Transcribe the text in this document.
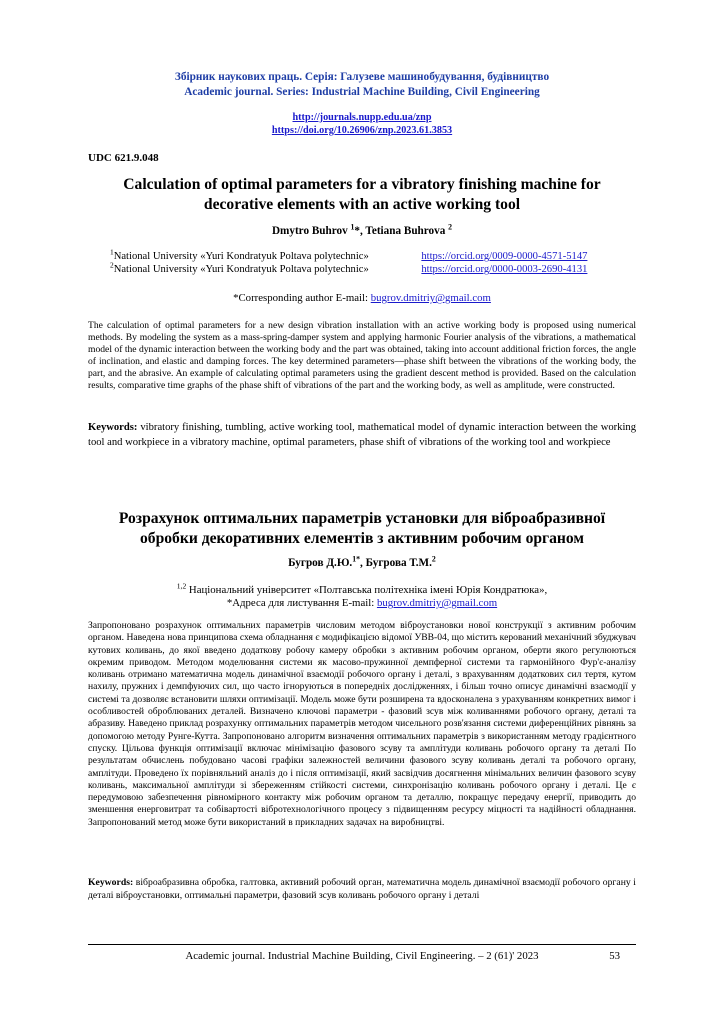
Збірник наукових праць. Серія: Галузеве машинобудування, будівництво
Academic journal. Series: Industrial Machine Building, Civil Engineering
http://journals.nupp.edu.ua/znp
https://doi.org/10.26906/znp.2023.61.3853
UDC 621.9.048
Calculation of optimal parameters for a vibratory finishing machine for
decorative elements with an active working tool
Dmytro Buhrov $^1$*, Tetiana Buhrova $^2$
$^1$National University «Yuri Kondratyuk Poltava polytechnic»	https://orcid.org/0009-0000-4571-5147
$^2$National University «Yuri Kondratyuk Poltava polytechnic»	https://orcid.org/0000-0003-2690-4131
*Corresponding author E-mail: bugrov.dmitriy@gmail.com
The calculation of optimal parameters for a new design vibration installation with an active working body is proposed using numerical methods. By modeling the system as a mass-spring-damper system and applying harmonic Fourier analysis of the vibrations, a mathematical model of the dynamic interaction between the working body and the part was obtained, taking into account additional friction forces, the angle of inclination, and elastic and damping forces. The key determined parameters—phase shift between the vibrations of the working body, the part, and the abrasive. An example of calculating optimal parameters using the gradient descent method is provided. Based on the calculation results, comparative time graphs of the phase shift of vibrations of the part and the working body, as well as amplitude, were constructed.
Keywords: vibratory finishing, tumbling, active working tool, mathematical model of dynamic interaction between the working tool and workpiece in a vibratory machine, optimal parameters, phase shift of vibrations of the working tool and workpiece
Розрахунок оптимальних параметрів установки для віброабразивної
обробки декоративних елементів з активним робочим органом
Бугров Д.Ю.$^{1*}$, Бугрова Т.М.$^2$
$^{1,2}$ Національний університет «Полтавська політехніка імені Юрія Кондратюка»,
*Адреса для листування E-mail: bugrov.dmitriy@gmail.com
Запропоновано розрахунок оптимальних параметрів числовим методом віброустановки нової конструкції з активним робочим органом. Наведена нова принципова схема обладнання є модифікацією відомої УВВ-04, що містить керований механічний збуджувач кутових коливань, до якої введено додаткову робочу камеру обробки з активним робочим органом, оберти якого регулюються окремим приводом. Методом моделювання системи як масово-пружинної демпферної системи та гармонійного Фур'є-аналізу коливань отримано математична модель динамічної взаємодії робочого органу і деталі, з врахуванням додаткових сил тертя, кутом нахилу, пружних і демпфуючих сил, що часто ігноруються в попередніх дослідженнях, і більш точно описує динамічні взаємодії у системі та дозволяє встановити шляхи оптимізації. Модель може бути розширена та вдосконалена з урахуванням конкретних вимог і особливостей оброблюваних деталей. Визначено ключові параметри - фазовий зсув між коливаннями робочого органу, деталі та абразиву. Наведено приклад розрахунку оптимальних параметрів методом чисельного розв'язання системи диференційних рівнянь за допомогою методу Рунге-Кутта. Запропоновано алгоритм визначення оптимальних параметрів з використанням методу градієнтного спуску. Цільова функція оптимізації включає мінімізацію фазового зсуву та амплітуди коливань робочого органу та деталі По результатам обчислень побудовано часові графіки залежностей величини фазового зсуву коливань деталі та робочого органу, амплітуди. Проведено їх порівняльний аналіз до і після оптимізації, який засвідчив досягнення мінімальних величин фазового зсуву коливань, максимальної амплітуди зі збереженням стійкості системи, синхронізацію коливань робочого органу і деталі. Це є передумовою забезпечення рівномірного контакту між робочим органом та деталлю, покращує передачу енергії, приводить до зменшення енерговитрат та собівартості вібротехнологічного процесу з підвищенням ресурсу міцності та надійності обладнання. Запропонований метод може бути використаний в прикладних задачах на виробництві.
Keywords: віброабразивна обробка, галтовка, активний робочий орган, математична модель динамічної взаємодії робочого органу і деталі віброустановки, оптимальні параметри, фазовий зсув коливань робочого органу і деталі
Academic journal. Industrial Machine Building, Civil Engineering. – 2 (61)' 2023	53
